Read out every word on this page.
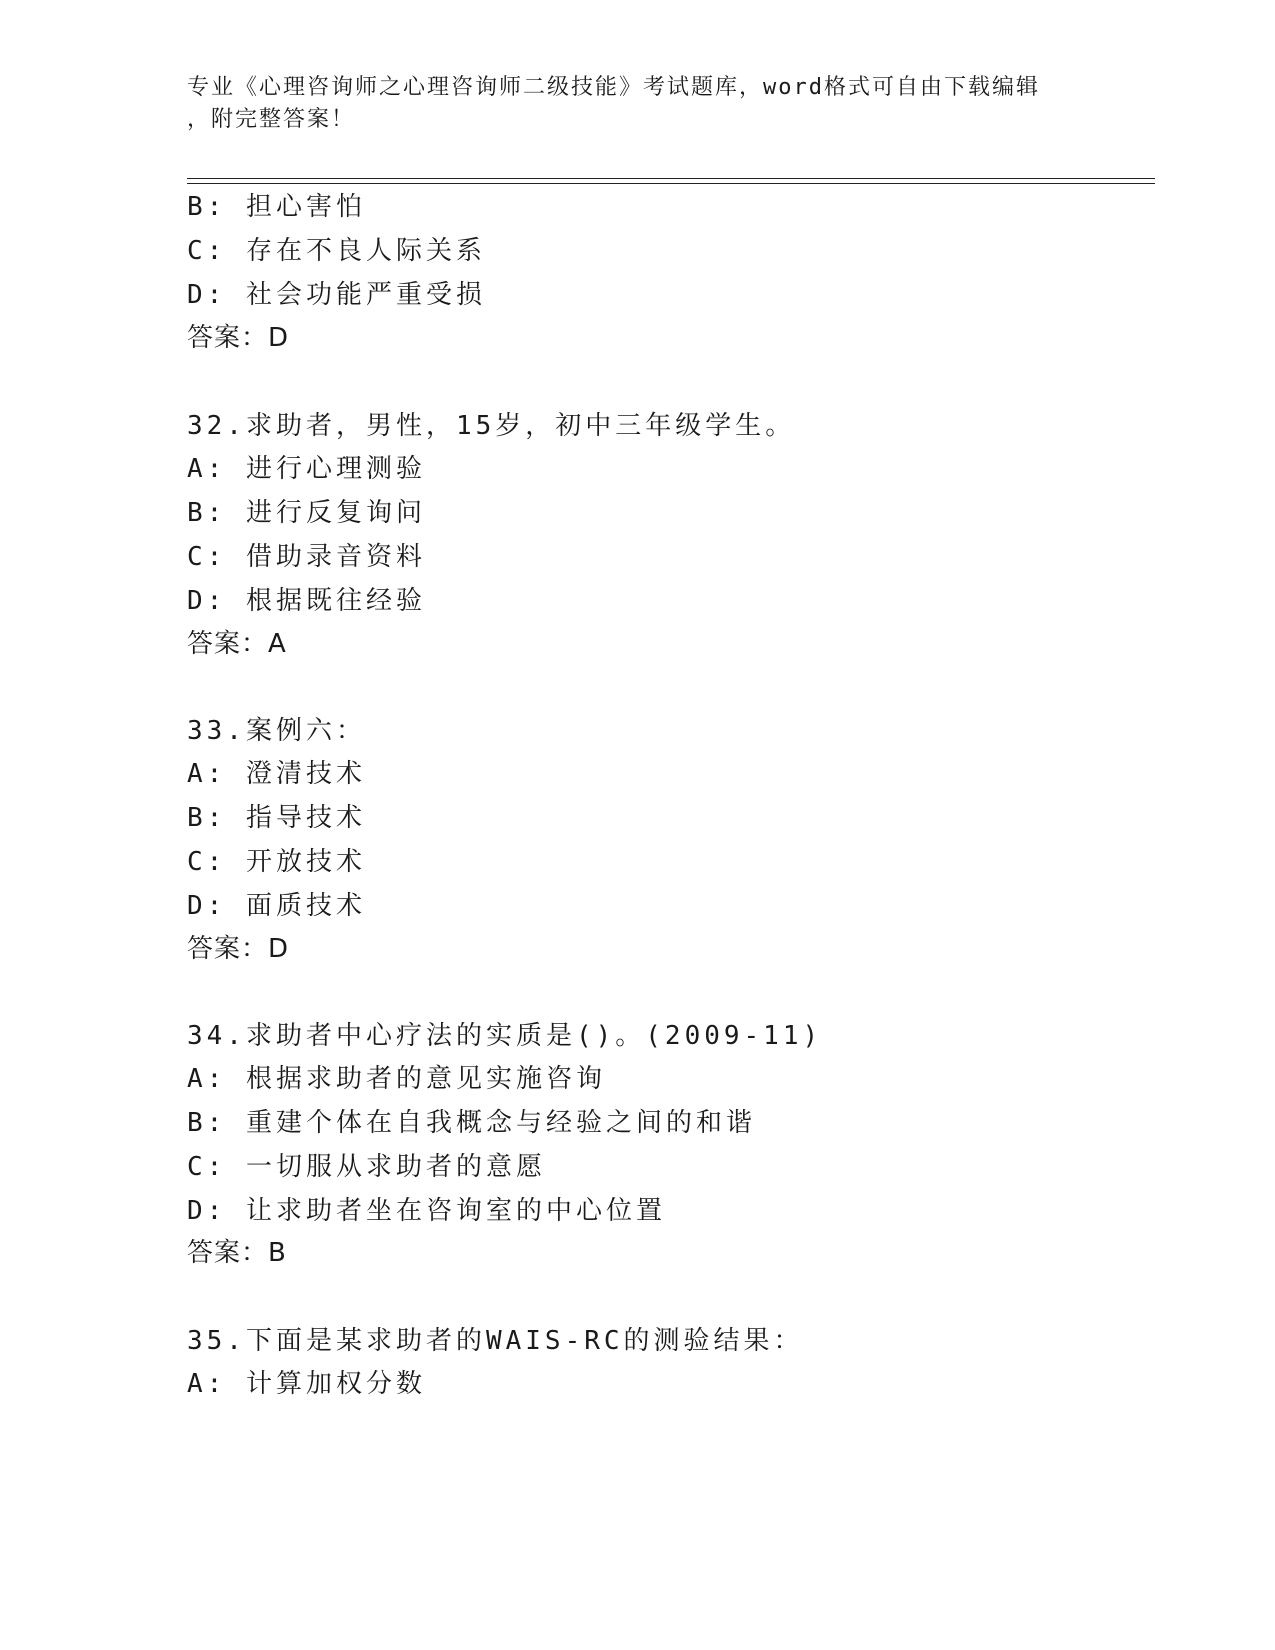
专业《心理咨询师之心理咨询师二级技能》考试题库，word格式可自由下载编辑
，附完整答案！
B: 担心害怕
C: 存在不良人际关系
D: 社会功能严重受损
答案：D
32.求助者，男性，15岁，初中三年级学生。
A: 进行心理测验
B: 进行反复询问
C: 借助录音资料
D: 根据既往经验
答案：A
33.案例六：
A: 澄清技术
B: 指导技术
C: 开放技术
D: 面质技术
答案：D
34.求助者中心疗法的实质是()。(2009-11)
A: 根据求助者的意见实施咨询
B: 重建个体在自我概念与经验之间的和谐
C: 一切服从求助者的意愿
D: 让求助者坐在咨询室的中心位置
答案：B
35.下面是某求助者的WAIS-RC的测验结果：
A: 计算加权分数
